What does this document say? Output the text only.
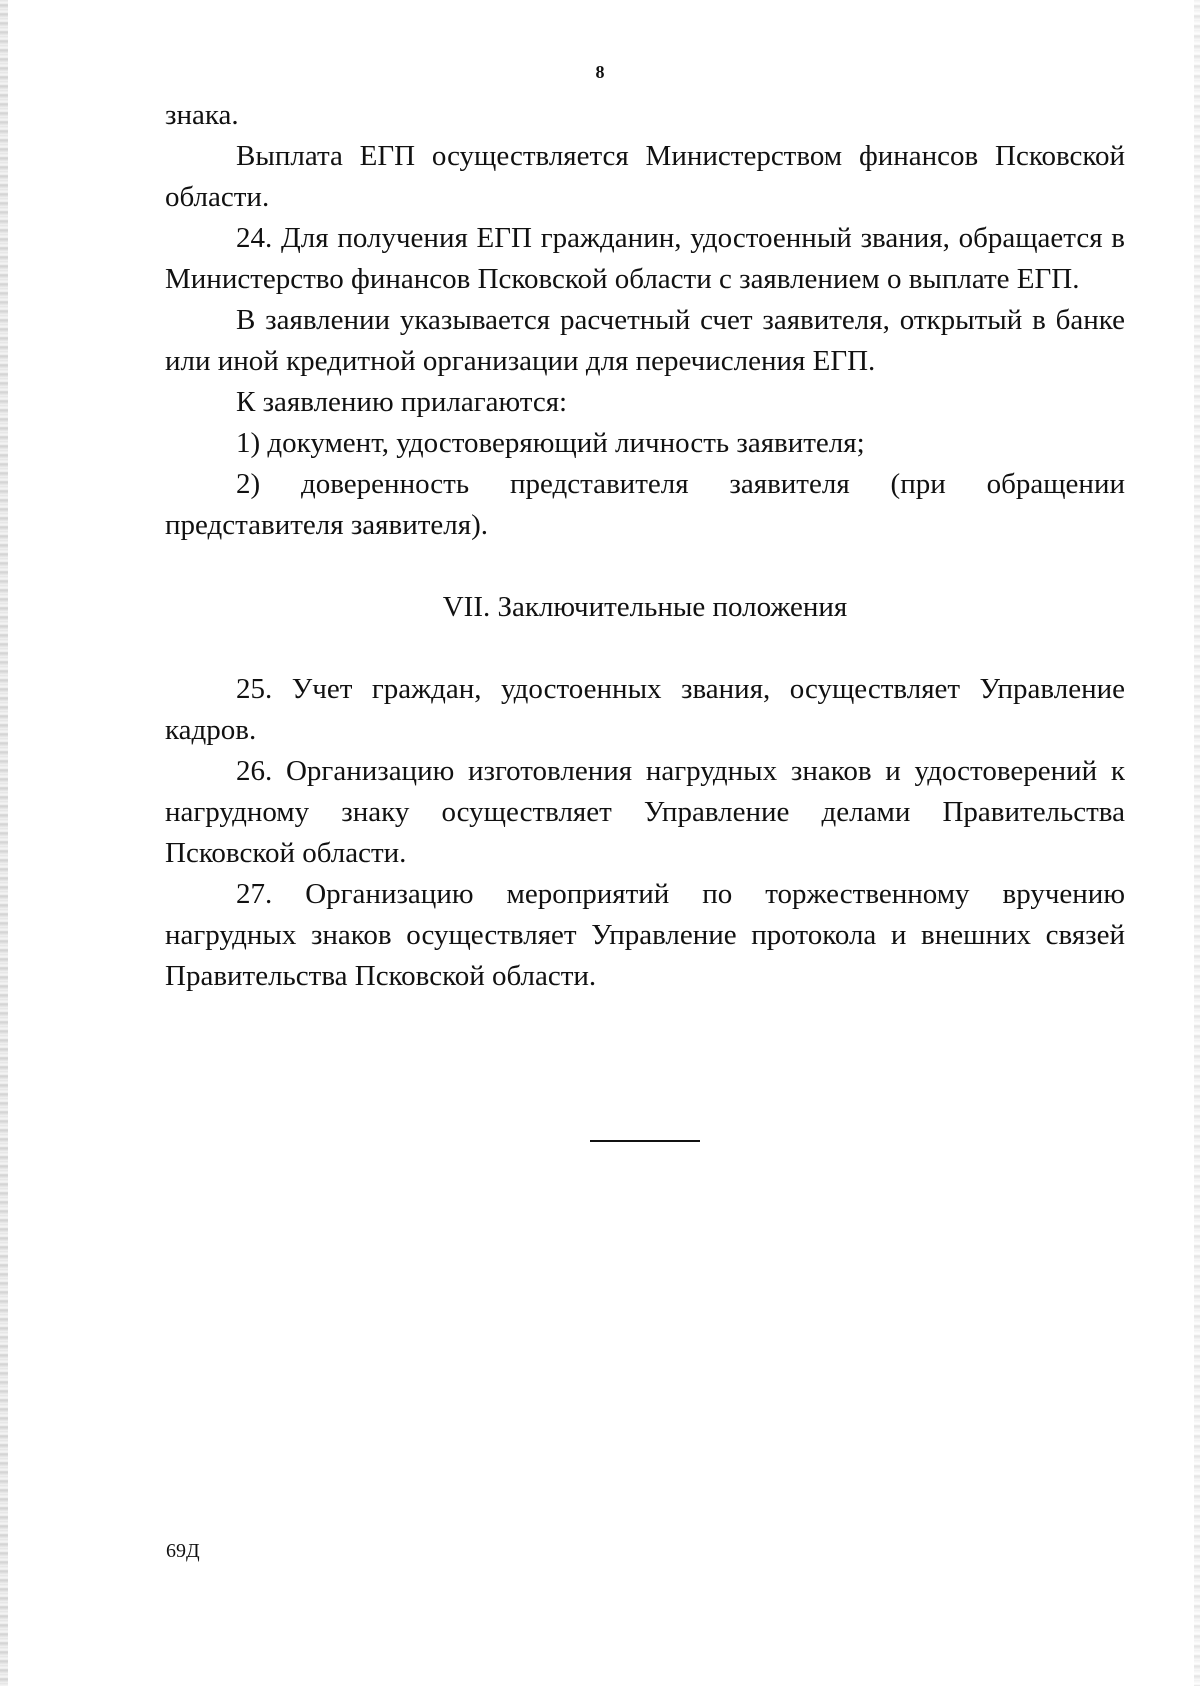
8

знака.

Выплата ЕГП осуществляется Министерством финансов Псковской области.

24. Для получения ЕГП гражданин, удостоенный звания, обращается в Министерство финансов Псковской области с заявлением о выплате ЕГП.

В заявлении указывается расчетный счет заявителя, открытый в банке или иной кредитной организации для перечисления ЕГП.

К заявлению прилагаются:

1) документ, удостоверяющий личность заявителя;

2) доверенность представителя заявителя (при обращении представителя заявителя).

VII. Заключительные положения

25. Учет граждан, удостоенных звания, осуществляет Управление кадров.

26. Организацию изготовления нагрудных знаков и удостоверений к нагрудному знаку осуществляет Управление делами Правительства Псковской области.

27. Организацию мероприятий по торжественному вручению нагрудных знаков осуществляет Управление протокола и внешних связей Правительства Псковской области.

69Д
